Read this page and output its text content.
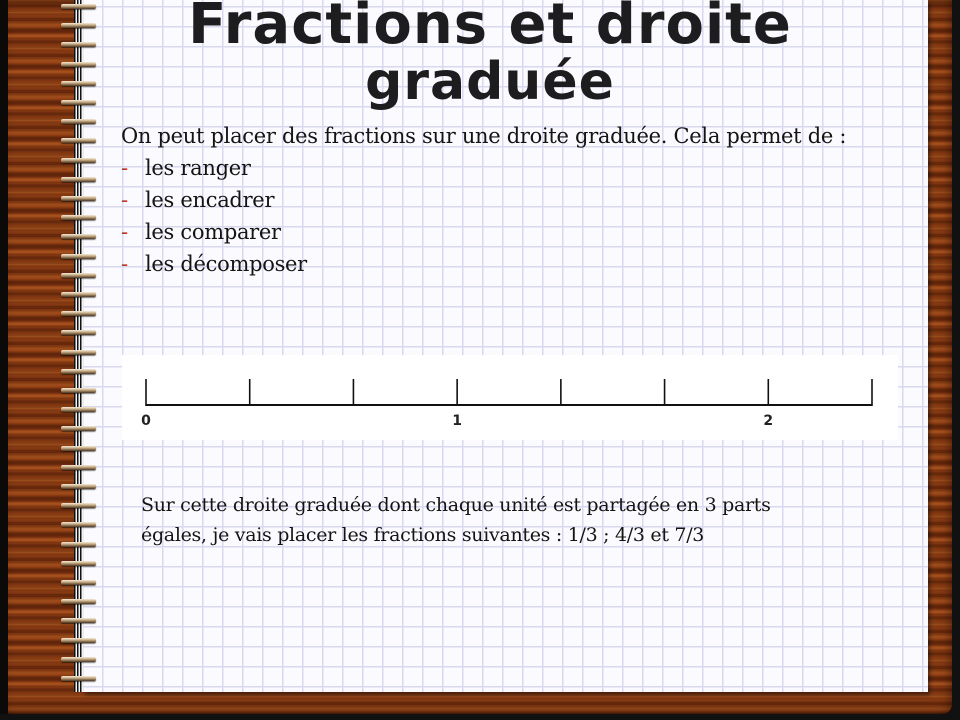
Fractions et droite
graduée
On peut placer des fractions sur une droite graduée. Cela permet de :
- les ranger
- les encadrer
- les comparer
- les décomposer
0	1	2
Sur cette droite graduée dont chaque unité est partagée en 3 parts
égales, je vais placer les fractions suivantes : 1/3 ; 4/3 et 7/3
